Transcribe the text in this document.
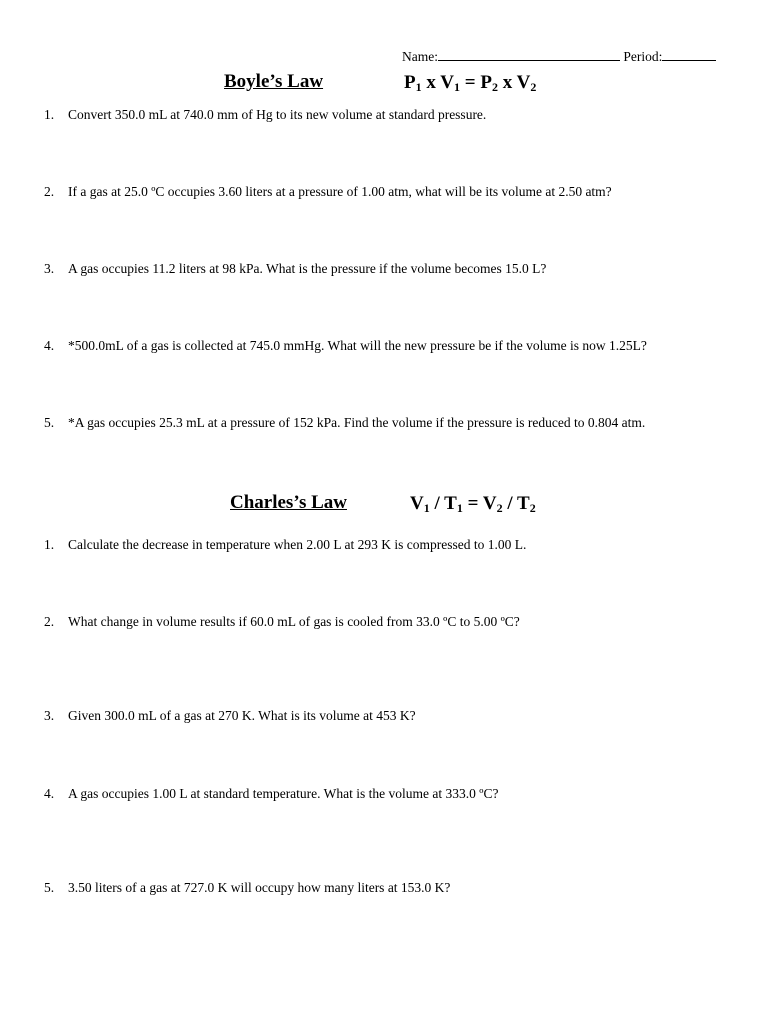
Name:	Period:
Boyle’s Law	$P_1$ x $V_1 = P_2$ x $V_2$
1. Convert 350.0 mL at 740.0 mm of Hg to its new volume at standard pressure.
2. If a gas at 25.0 ºC occupies 3.60 liters at a pressure of 1.00 atm, what will be its volume at 2.50 atm?
3. A gas occupies 11.2 liters at 98 kPa. What is the pressure if the volume becomes 15.0 L?
4. *500.0mL of a gas is collected at 745.0 mmHg. What will the new pressure be if the volume is now 1.25L?
5. *A gas occupies 25.3 mL at a pressure of 152 kPa. Find the volume if the pressure is reduced to 0.804 atm.
Charles’s Law	$V_1 / T_1 = V_2 / T_2$
1. Calculate the decrease in temperature when 2.00 L at 293 K is compressed to 1.00 L.
2. What change in volume results if 60.0 mL of gas is cooled from 33.0 ºC to 5.00 ºC?
3. Given 300.0 mL of a gas at 270 K. What is its volume at 453 K?
4. A gas occupies 1.00 L at standard temperature. What is the volume at 333.0 ºC?
5. 3.50 liters of a gas at 727.0 K will occupy how many liters at 153.0 K?
